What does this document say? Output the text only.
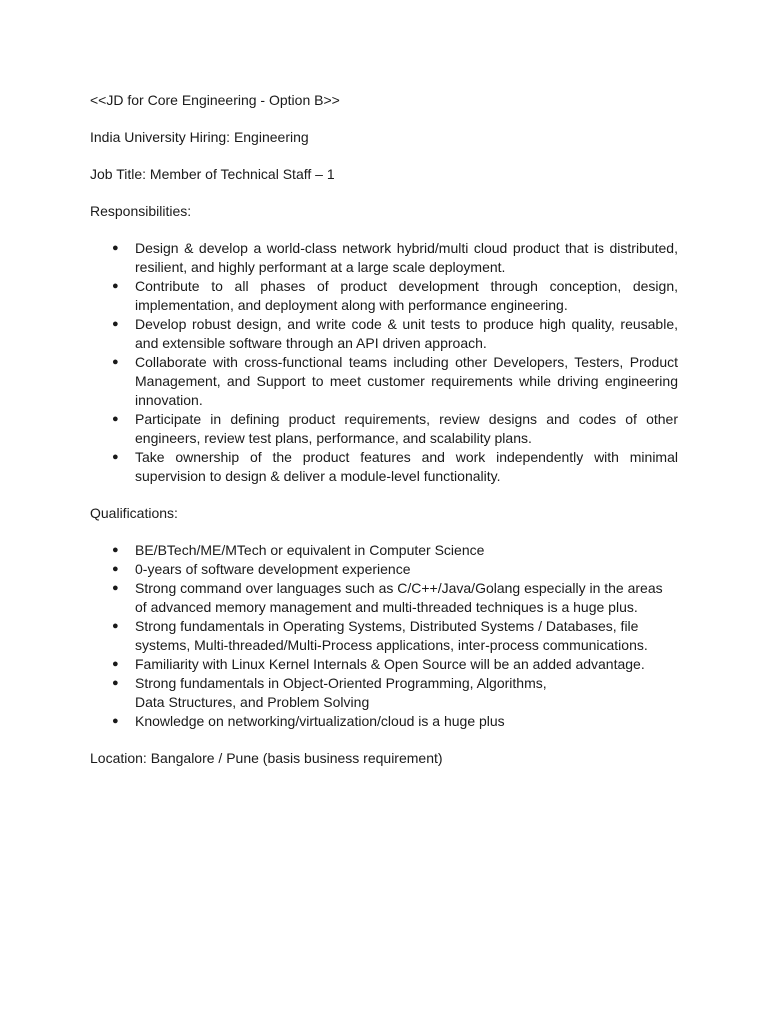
<<JD for Core Engineering - Option B>>

India University Hiring: Engineering

Job Title: Member of Technical Staff – 1

Responsibilities:

● Design & develop a world-class network hybrid/multi cloud product that is distributed, resilient, and highly performant at a large scale deployment.
● Contribute to all phases of product development through conception, design, implementation, and deployment along with performance engineering.
● Develop robust design, and write code & unit tests to produce high quality, reusable, and extensible software through an API driven approach.
● Collaborate with cross-functional teams including other Developers, Testers, Product Management, and Support to meet customer requirements while driving engineering innovation.
● Participate in defining product requirements, review designs and codes of other engineers, review test plans, performance, and scalability plans.
● Take ownership of the product features and work independently with minimal supervision to design & deliver a module-level functionality.

Qualifications:

● BE/BTech/ME/MTech or equivalent in Computer Science
● 0-years of software development experience
● Strong command over languages such as C/C++/Java/Golang especially in the areas of advanced memory management and multi-threaded techniques is a huge plus.
● Strong fundamentals in Operating Systems, Distributed Systems / Databases, file systems, Multi-threaded/Multi-Process applications, inter-process communications.
● Familiarity with Linux Kernel Internals & Open Source will be an added advantage.
● Strong fundamentals in Object-Oriented Programming, Algorithms, Data Structures, and Problem Solving
● Knowledge on networking/virtualization/cloud is a huge plus

Location: Bangalore / Pune (basis business requirement)
